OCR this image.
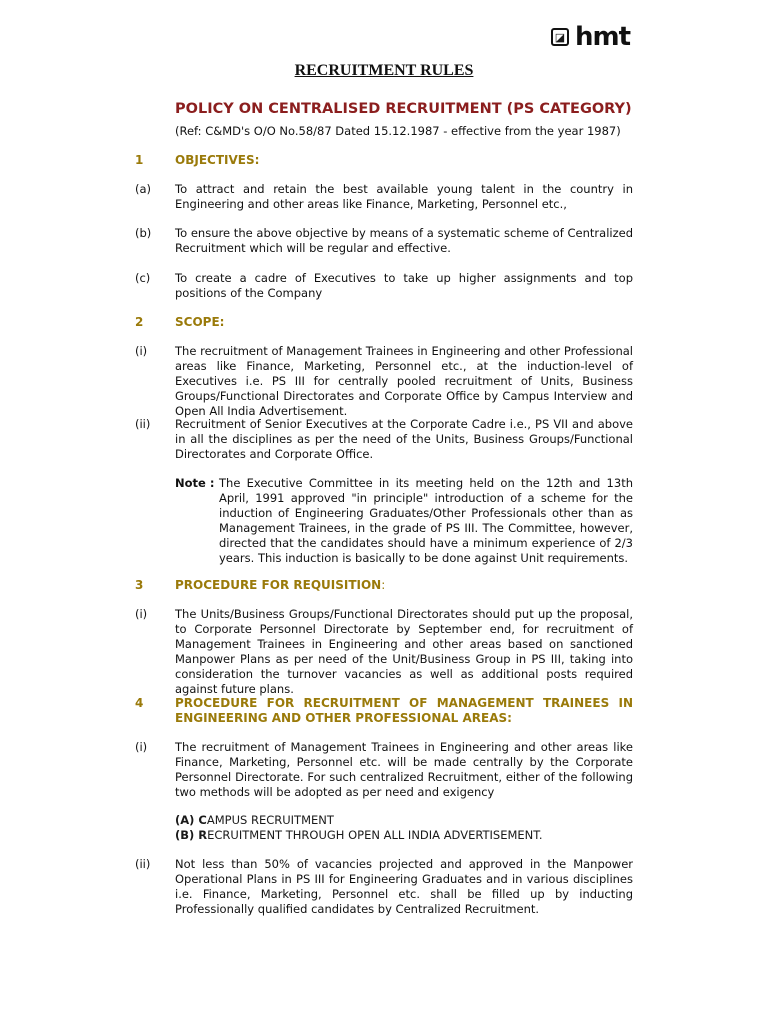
◪ hmt
RECRUITMENT RULES
POLICY ON CENTRALISED RECRUITMENT (PS CATEGORY)
(Ref: C&MD's O/O No.58/87 Dated 15.12.1987 - effective from the year 1987)
1	OBJECTIVES:
(a) To attract and retain the best available young talent in the country in Engineering and other areas like Finance, Marketing, Personnel etc.,
(b) To ensure the above objective by means of a systematic scheme of Centralized Recruitment which will be regular and effective.
(c) To create a cadre of Executives to take up higher assignments and top positions of the Company
2	SCOPE:
(i) The recruitment of Management Trainees in Engineering and other Professional areas like Finance, Marketing, Personnel etc., at the induction-level of Executives i.e. PS III for centrally pooled recruitment of Units, Business Groups/Functional Directorates and Corporate Office by Campus Interview and Open All India Advertisement.
(ii) Recruitment of Senior Executives at the Corporate Cadre i.e., PS VII and above in all the disciplines as per the need of the Units, Business Groups/Functional Directorates and Corporate Office.
Note : The Executive Committee in its meeting held on the 12th and 13th April, 1991 approved "in principle" introduction of a scheme for the induction of Engineering Graduates/Other Professionals other than as Management Trainees, in the grade of PS III. The Committee, however, directed that the candidates should have a minimum experience of 2/3 years. This induction is basically to be done against Unit requirements.
3	PROCEDURE FOR REQUISITION:
(i) The Units/Business Groups/Functional Directorates should put up the proposal, to Corporate Personnel Directorate by September end, for recruitment of Management Trainees in Engineering and other areas based on sanctioned Manpower Plans as per need of the Unit/Business Group in PS III, taking into consideration the turnover vacancies as well as additional posts required against future plans.
4	PROCEDURE FOR RECRUITMENT OF MANAGEMENT TRAINEES IN ENGINEERING AND OTHER PROFESSIONAL AREAS:
(i) The recruitment of Management Trainees in Engineering and other areas like Finance, Marketing, Personnel etc. will be made centrally by the Corporate Personnel Directorate. For such centralized Recruitment, either of the following two methods will be adopted as per need and exigency
(A) CAMPUS RECRUITMENT
(B) RECRUITMENT THROUGH OPEN ALL INDIA ADVERTISEMENT.
(ii) Not less than 50% of vacancies projected and approved in the Manpower Operational Plans in PS III for Engineering Graduates and in various disciplines i.e. Finance, Marketing, Personnel etc. shall be filled up by inducting Professionally qualified candidates by Centralized Recruitment.
